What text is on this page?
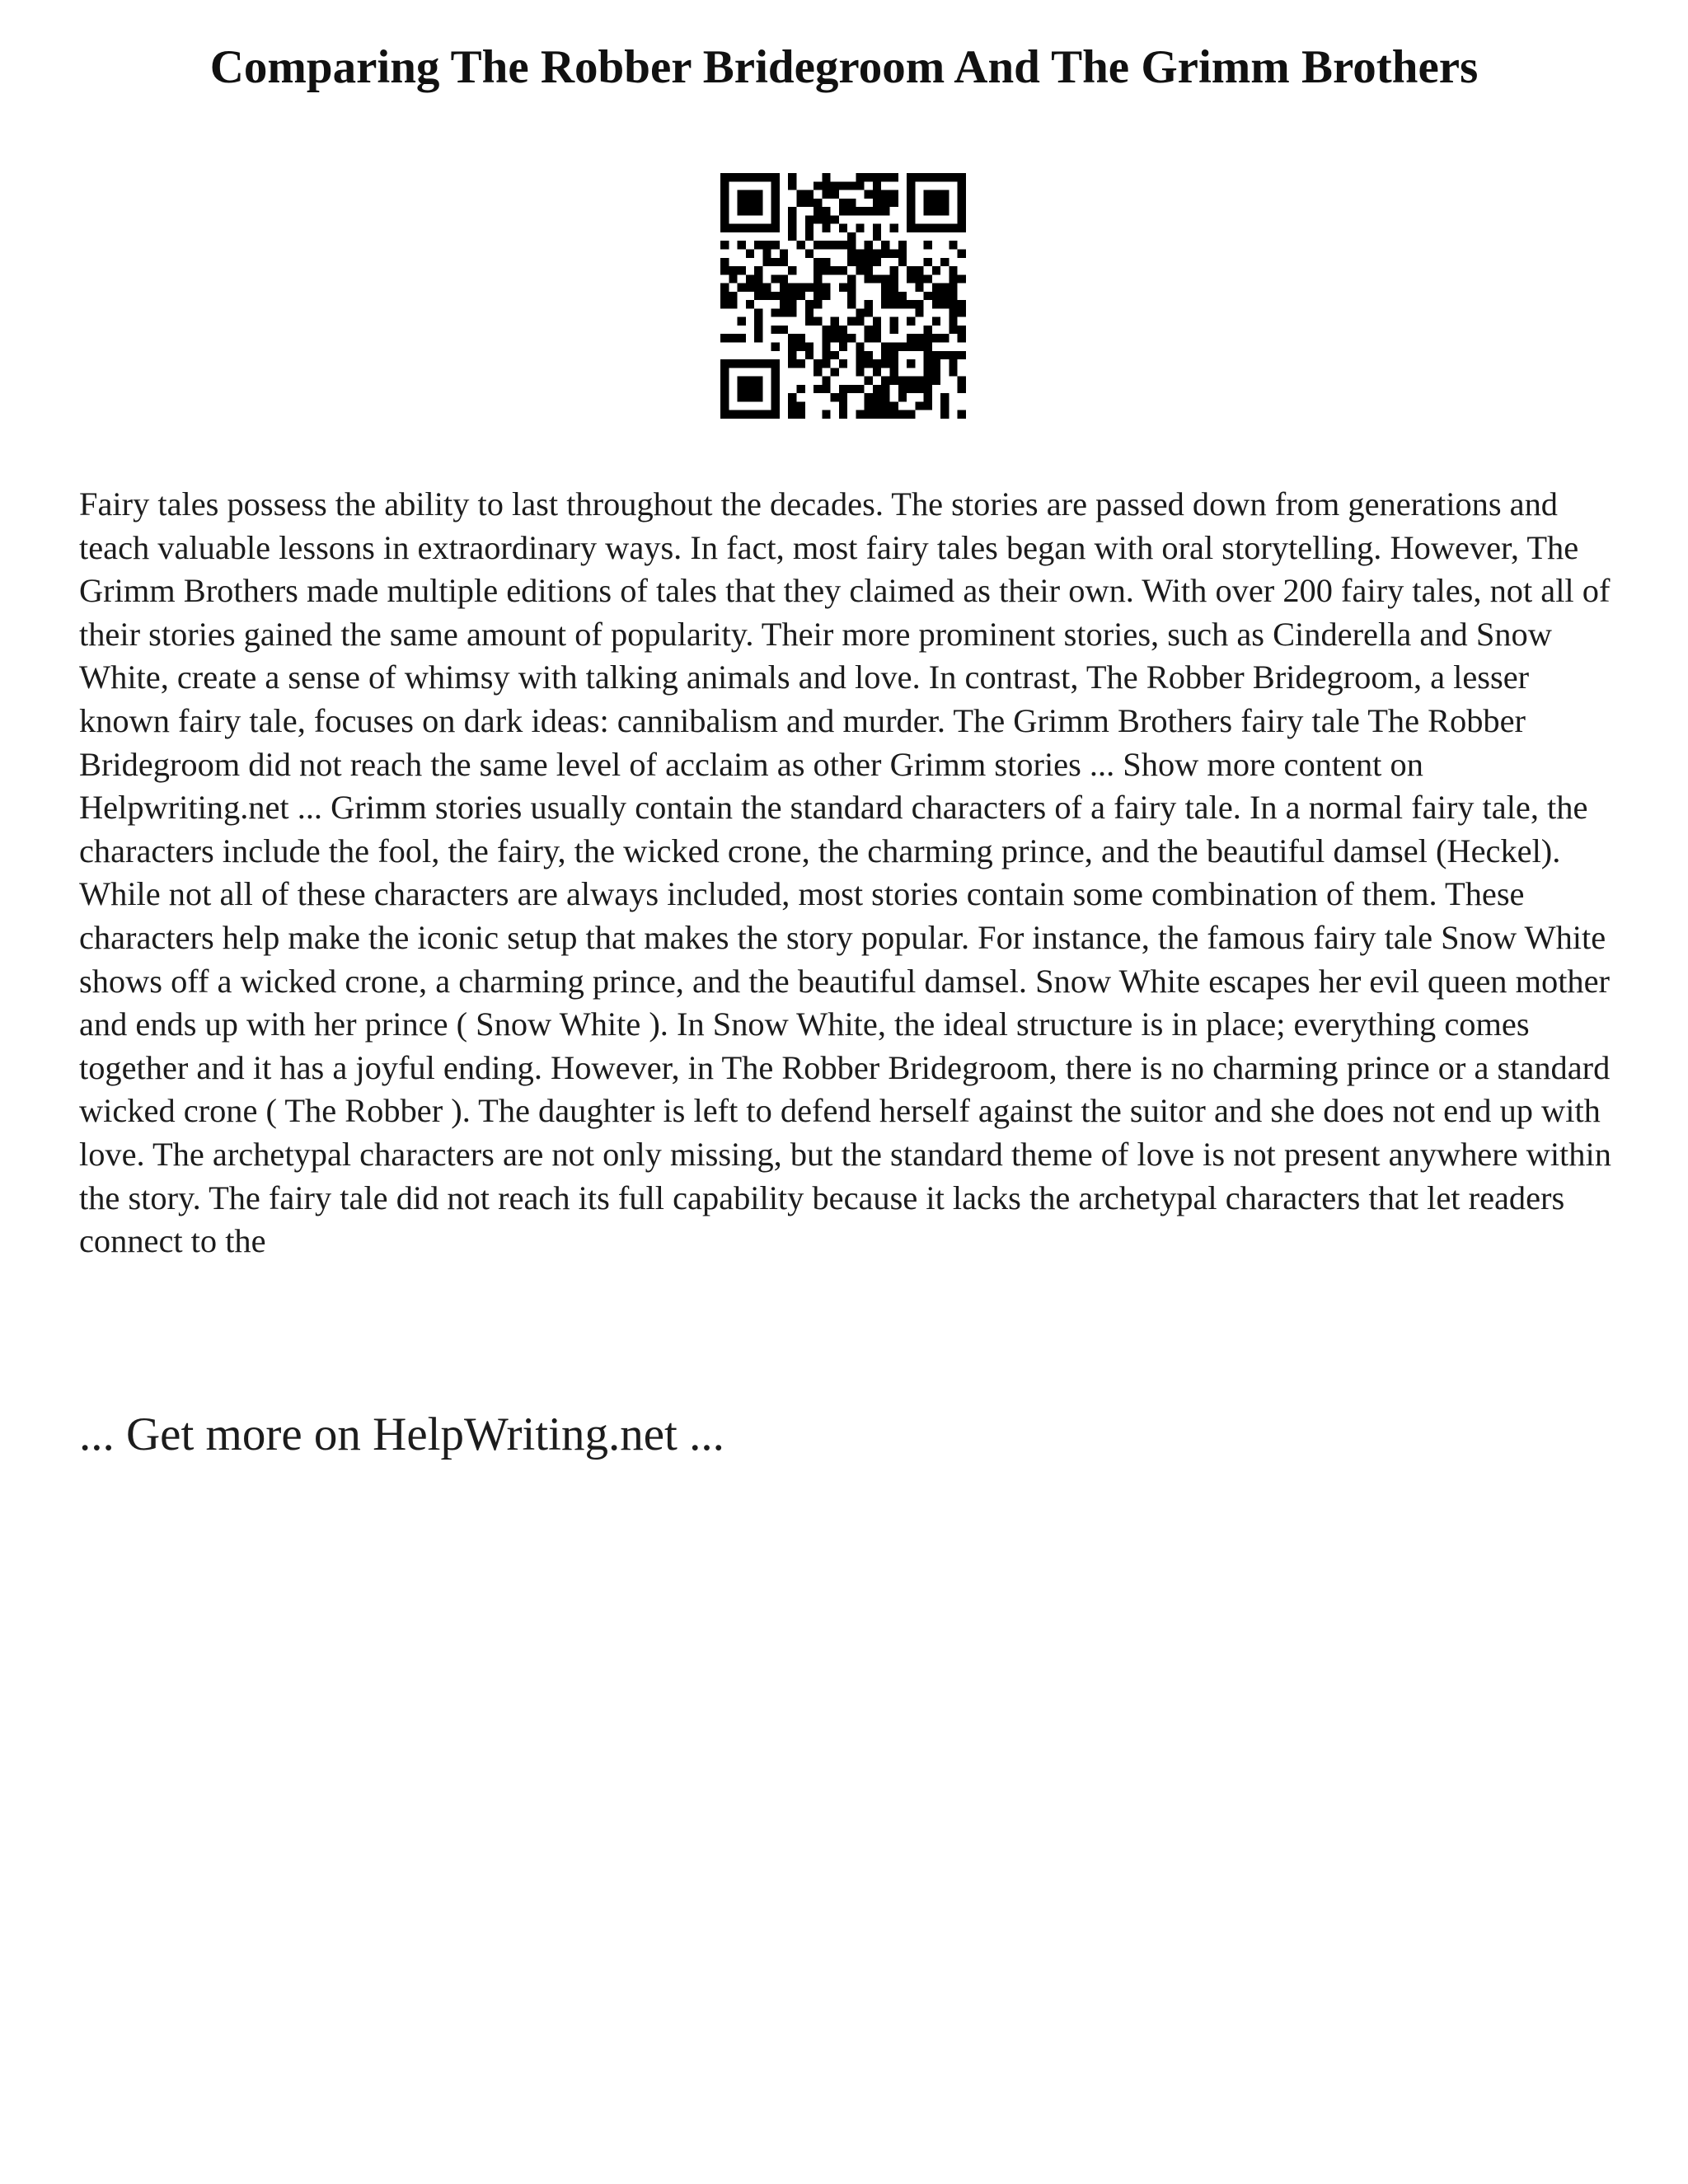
Comparing The Robber Bridegroom And The Grimm Brothers

Fairy tales possess the ability to last throughout the decades. The stories are passed down from generations and teach valuable lessons in extraordinary ways. In fact, most fairy tales began with oral storytelling. However, The Grimm Brothers made multiple editions of tales that they claimed as their own. With over 200 fairy tales, not all of their stories gained the same amount of popularity. Their more prominent stories, such as Cinderella and Snow White, create a sense of whimsy with talking animals and love. In contrast, The Robber Bridegroom, a lesser known fairy tale, focuses on dark ideas: cannibalism and murder. The Grimm Brothers fairy tale The Robber Bridegroom did not reach the same level of acclaim as other Grimm stories ... Show more content on Helpwriting.net ... Grimm stories usually contain the standard characters of a fairy tale. In a normal fairy tale, the characters include the fool, the fairy, the wicked crone, the charming prince, and the beautiful damsel (Heckel). While not all of these characters are always included, most stories contain some combination of them. These characters help make the iconic setup that makes the story popular. For instance, the famous fairy tale Snow White shows off a wicked crone, a charming prince, and the beautiful damsel. Snow White escapes her evil queen mother and ends up with her prince ( Snow White ). In Snow White, the ideal structure is in place; everything comes together and it has a joyful ending. However, in The Robber Bridegroom, there is no charming prince or a standard wicked crone ( The Robber ). The daughter is left to defend herself against the suitor and she does not end up with love. The archetypal characters are not only missing, but the standard theme of love is not present anywhere within the story. The fairy tale did not reach its full capability because it lacks the archetypal characters that let readers connect to the

... Get more on HelpWriting.net ...
